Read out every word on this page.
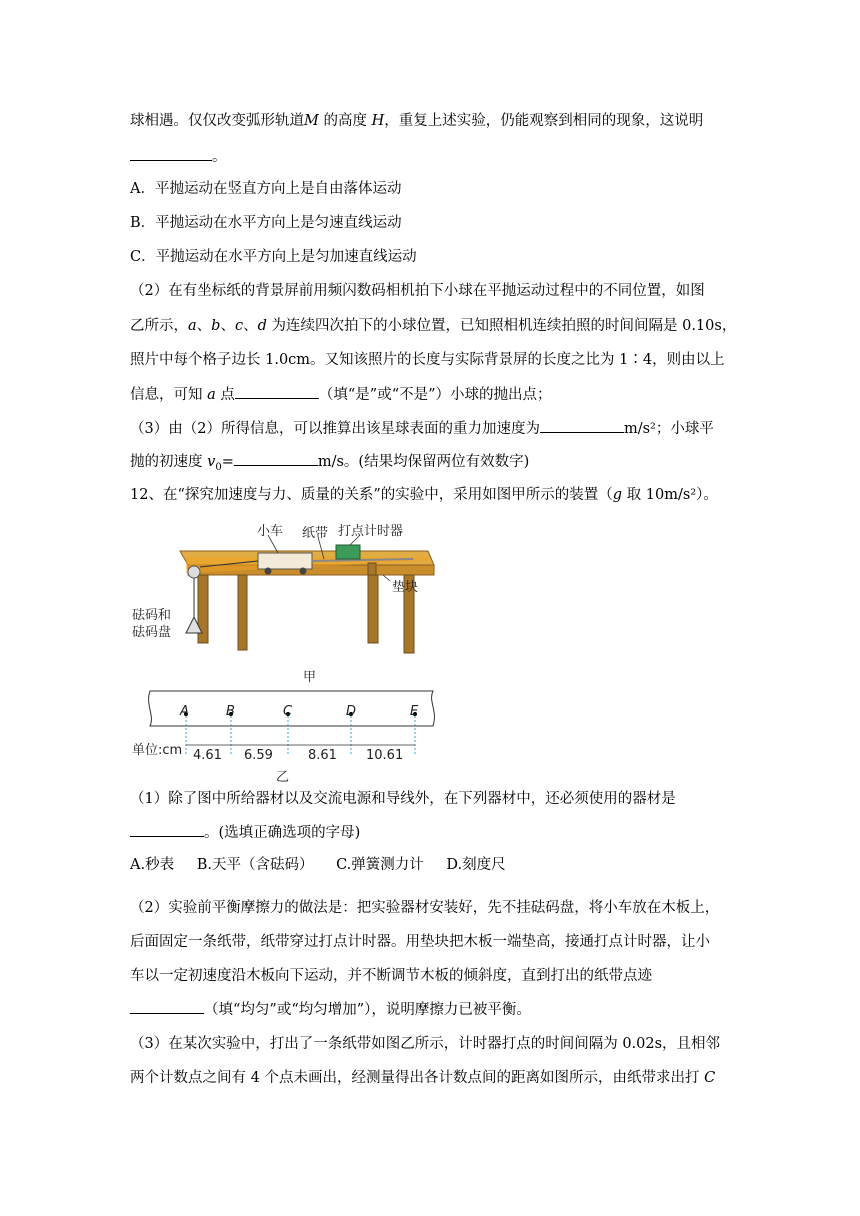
球相遇。仅仅改变弧形轨道M 的高度 H，重复上述实验，仍能观察到相同的现象，这说明
。
A．平抛运动在竖直方向上是自由落体运动
B．平抛运动在水平方向上是匀速直线运动
C．平抛运动在水平方向上是匀加速直线运动
（2）在有坐标纸的背景屏前用频闪数码相机拍下小球在平抛运动过程中的不同位置，如图
乙所示，a、b、c、d 为连续四次拍下的小球位置，已知照相机连续拍照的时间间隔是 0.10s，
照片中每个格子边长 1.0cm。又知该照片的长度与实际背景屏的长度之比为 1∶4，则由以上
信息，可知 a 点	（填“是”或“不是”）小球的抛出点；
（3）由（2）所得信息，可以推算出该星球表面的重力加速度为	m/s²；小球平
抛的初速度 $v_0=$	m/s。(结果均保留两位有效数字)
12、在“探究加速度与力、质量的关系”的实验中，采用如图甲所示的装置（g 取 10m/s²）。
小车 纸带 打点计时器
垫块
砝码和
砝码盘
甲
A	B	C	D	E
单位:cm 4.61 6.59	8.61 10.61
乙
（1）除了图中所给器材以及交流电源和导线外，在下列器材中，还必须使用的器材是
。(选填正确选项的字母)
A.秒表 B.天平（含砝码） C.弹簧测力计 D.刻度尺
（2）实验前平衡摩擦力的做法是：把实验器材安装好，先不挂砝码盘，将小车放在木板上，
后面固定一条纸带，纸带穿过打点计时器。用垫块把木板一端垫高，接通打点计时器，让小
车以一定初速度沿木板向下运动，并不断调节木板的倾斜度，直到打出的纸带点迹
（填“均匀”或“均匀增加”），说明摩擦力已被平衡。
（3）在某次实验中，打出了一条纸带如图乙所示，计时器打点的时间间隔为 0.02s，且相邻
两个计数点之间有 4 个点未画出，经测量得出各计数点间的距离如图所示，由纸带求出打 C
